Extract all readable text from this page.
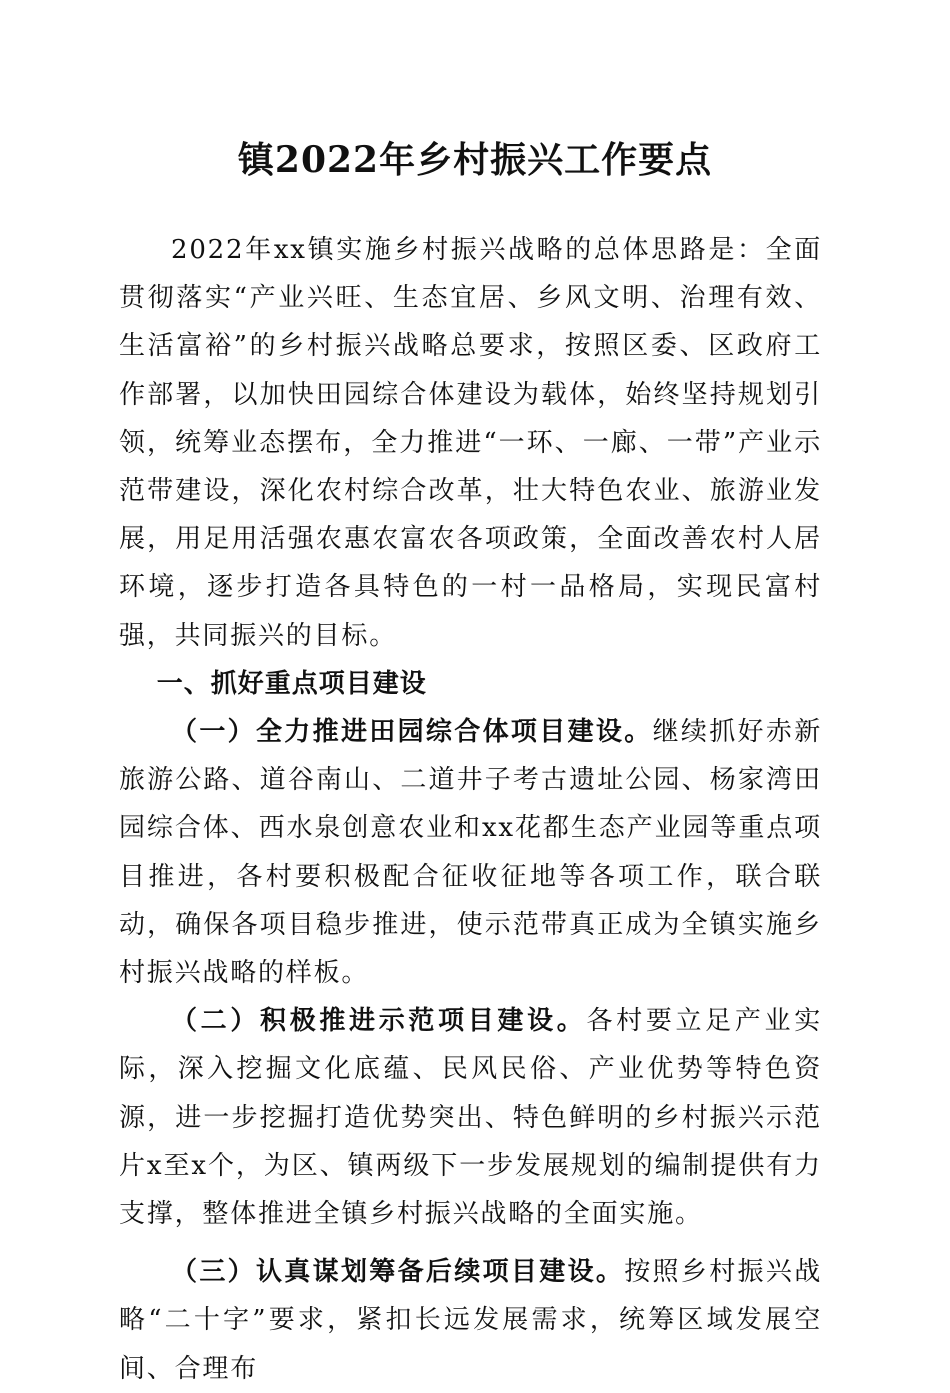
镇2022年乡村振兴工作要点

2022年xx镇实施乡村振兴战略的总体思路是：全面贯彻落实“产业兴旺、生态宜居、乡风文明、治理有效、生活富裕”的乡村振兴战略总要求，按照区委、区政府工作部署，以加快田园综合体建设为载体，始终坚持规划引领，统筹业态摆布，全力推进“一环、一廊、一带”产业示范带建设，深化农村综合改革，壮大特色农业、旅游业发展，用足用活强农惠农富农各项政策，全面改善农村人居环境，逐步打造各具特色的一村一品格局，实现民富村强，共同振兴的目标。

一、抓好重点项目建设

（一）全力推进田园综合体项目建设。继续抓好赤新旅游公路、道谷南山、二道井子考古遗址公园、杨家湾田园综合体、西水泉创意农业和xx花都生态产业园等重点项目推进，各村要积极配合征收征地等各项工作，联合联动，确保各项目稳步推进，使示范带真正成为全镇实施乡村振兴战略的样板。

（二）积极推进示范项目建设。各村要立足产业实际，深入挖掘文化底蕴、民风民俗、产业优势等特色资源，进一步挖掘打造优势突出、特色鲜明的乡村振兴示范片x至x个，为区、镇两级下一步发展规划的编制提供有力支撑，整体推进全镇乡村振兴战略的全面实施。

（三）认真谋划筹备后续项目建设。按照乡村振兴战略“二十字”要求，紧扣长远发展需求，统筹区域发展空间、合理布
